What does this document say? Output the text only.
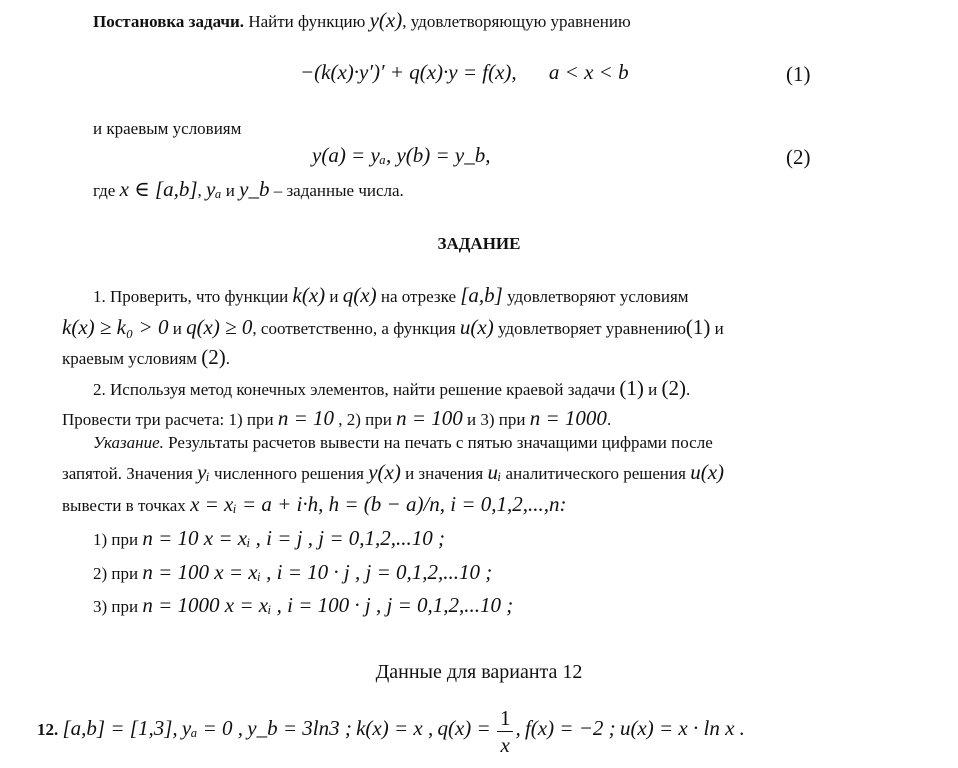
Постановка задачи. Найти функцию y(x), удовлетворяющую уравнению
−(k(x)·y′)′ + q(x)·y = f(x), a < x < b	(1)
и краевым условиям
y(a) = yₐ, y(b) = y_b,	(2)
где x ∈ [a,b], yₐ и y_b – заданные числа.
ЗАДАНИЕ
1. Проверить, что функции k(x) и q(x) на отрезке [a,b] удовлетворяют условиям
k(x) ≥ k₀ > 0 и q(x) ≥ 0, соответственно, а функция u(x) удовлетворяет уравнению(1) и
краевым условиям (2).
2. Используя метод конечных элементов, найти решение краевой задачи (1) и (2).
Провести три расчета: 1) при n = 10 , 2) при n = 100 и 3) при n = 1000.
Указание. Результаты расчетов вывести на печать с пятью значащими цифрами после
запятой. Значения yᵢ численного решения y(x) и значения uᵢ аналитического решения u(x)
вывести в точках x = xᵢ = a + i·h, h = (b − a)/n, i = 0,1,2,...,n:
1) при n = 10 x = xᵢ , i = j , j = 0,1,2,...10 ;
2) при n = 100 x = xᵢ , i = 10 · j , j = 0,1,2,...10 ;
3) при n = 1000 x = xᵢ , i = 100 · j , j = 0,1,2,...10 ;
Данные для варианта 12
12. [a,b] = [1,3], yₐ = 0 , y_b = 3ln3 ; k(x) = x , $q(x) = \frac{1}{x}$ , f(x) = −2 ; u(x) = x · ln x .
